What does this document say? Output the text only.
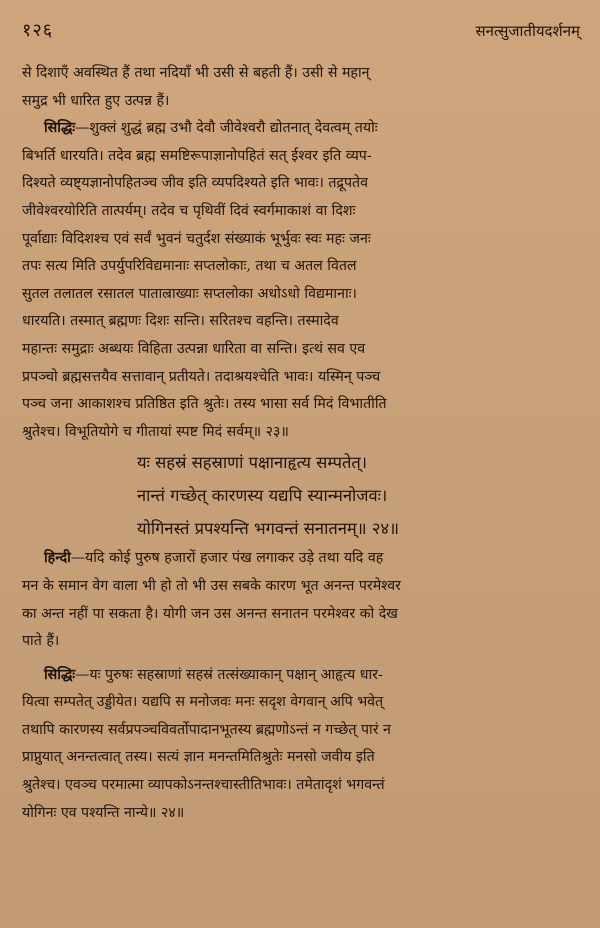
१२६	सनत्सुजातीयदर्शनम्

से दिशाएँ अवस्थित हैं तथा नदियाँ भी उसी से बहती हैं। उसी से महान्
समुद्र भी धारित हुए उत्पन्न हैं।

सिद्धिः—शुक्लं शुद्धं ब्रह्म उभौ देवौ जीवेश्वरौ द्योतनात् देवत्वम् तयोः
बिभर्ति धारयति। तदेव ब्रह्म समष्टिरूपाज्ञानोपहितं सत् ईश्वर इति व्यप-
दिश्यते व्यष्ट्यज्ञानोपहितञ्च जीव इति व्यपदिश्यते इति भावः। तद्रूपतेव
जीवेश्वरयोरिति तात्पर्यम्। तदेव च पृथिवीं दिवं स्वर्गमाकाशं वा दिशः
पूर्वाद्याः विदिशश्च एवं सर्वं भुवनं चतुर्दश संख्याकं भूर्भुवः स्वः महः जनः
तपः सत्य मिति उपर्युपरिविद्यमानाः सप्तलोकाः, तथा च अतल वितल
सुतल तलातल रसातल पाताल्राख्याः सप्तलोका अधोऽधो विद्यमानाः।
धारयति। तस्मात् ब्रह्मणः दिशः सन्ति। सरितश्च वहन्ति। तस्मादेव
महान्तः समुद्राः अब्धयः विहिता उत्पन्ना धारिता वा सन्ति। इत्थं सव एव
प्रपञ्चो ब्रह्मसत्तयैव सत्तावान् प्रतीयते। तदाश्रयश्चेति भावः। यस्मिन् पञ्च
पञ्च जना आकाशश्च प्रतिष्ठित इति श्रुतेः। तस्य भासा सर्व मिदं विभातीति
श्रुतेश्च। विभूतियोगे च गीतायां स्पष्ट मिदं सर्वम्॥ २३॥

यः सहस्रं सहस्राणां पक्षानाहृत्य सम्पतेत्।
नान्तं गच्छेत् कारणस्य यद्यपि स्यान्मनोजवः।
योगिनस्तं प्रपश्यन्ति भगवन्तं सनातनम्॥ २४॥

हिन्दी—यदि कोई पुरुष हजारों हजार पंख लगाकर उड़े तथा यदि वह
मन के समान वेग वाला भी हो तो भी उस सबके कारण भूत अनन्त परमेश्वर
का अन्त नहीं पा सकता है। योगी जन उस अनन्त सनातन परमेश्वर को देख
पाते हैं।

सिद्धिः—यः पुरुषः सहस्राणां सहस्रं तत्संख्याकान् पक्षान् आहृत्य धार-
यित्वा सम्पतेत् उड्डीयेत। यद्यपि स मनोजवः मनः सदृश वेगवान् अपि भवेत्
तथापि कारणस्य सर्वप्रपञ्चविवर्तोपादानभूतस्य ब्रह्मणोऽन्तं न गच्छेत् पारं न
प्राप्नुयात् अनन्तत्वात् तस्य। सत्यं ज्ञान मनन्तमितिश्रुतेः मनसो जवीय इति
श्रुतेश्च। एवञ्च परमात्मा व्यापकोऽनन्तश्चास्तीतिभावः। तमेतादृशं भगवन्तं
योगिनः एव पश्यन्ति नान्ये॥ २४॥
